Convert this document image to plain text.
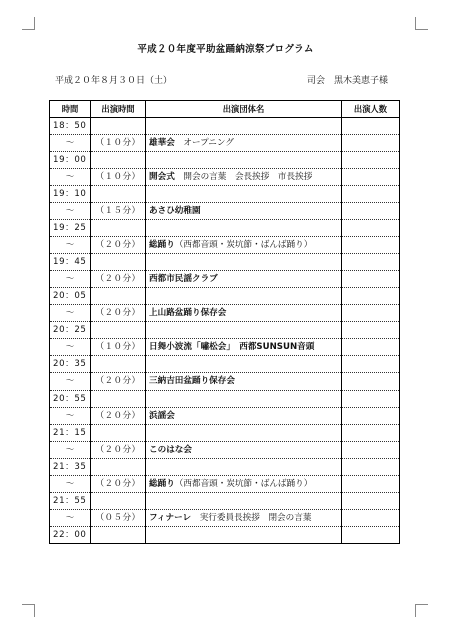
平成２０年度平助盆踊納涼祭プログラム
平成２０年８月３０日（土）	司会　黒木美恵子様
時間	出演時間	出演団体名	出演人数
18：50			
～	（１０分）	雄華会　オープニング	
19：00			
～	（１０分）	開会式　開会の言葉　会長挨拶　市長挨拶	
19：10			
～	（１５分）	あさひ幼稚園	
19：25			
～	（２０分）	総踊り（西都音頭・炭坑節・ばんば踊り）	
19：45			
～	（２０分）	西都市民謡クラブ	
20：05			
～	（２０分）	上山路盆踊り保存会	
20：25			
～	（１０分）	日舞小波流「嘯松会」　西都SUNSUN音頭	
20：35			
～	（２０分）	三納吉田盆踊り保存会	
20：55			
～	（２０分）	浜謡会	
21：15			
～	（２０分）	このはな会	
21：35			
～	（２０分）	総踊り（西都音頭・炭坑節・ばんば踊り）	
21：55			
～	（０５分）	フィナーレ　実行委員長挨拶　閉会の言葉	
22：00			
